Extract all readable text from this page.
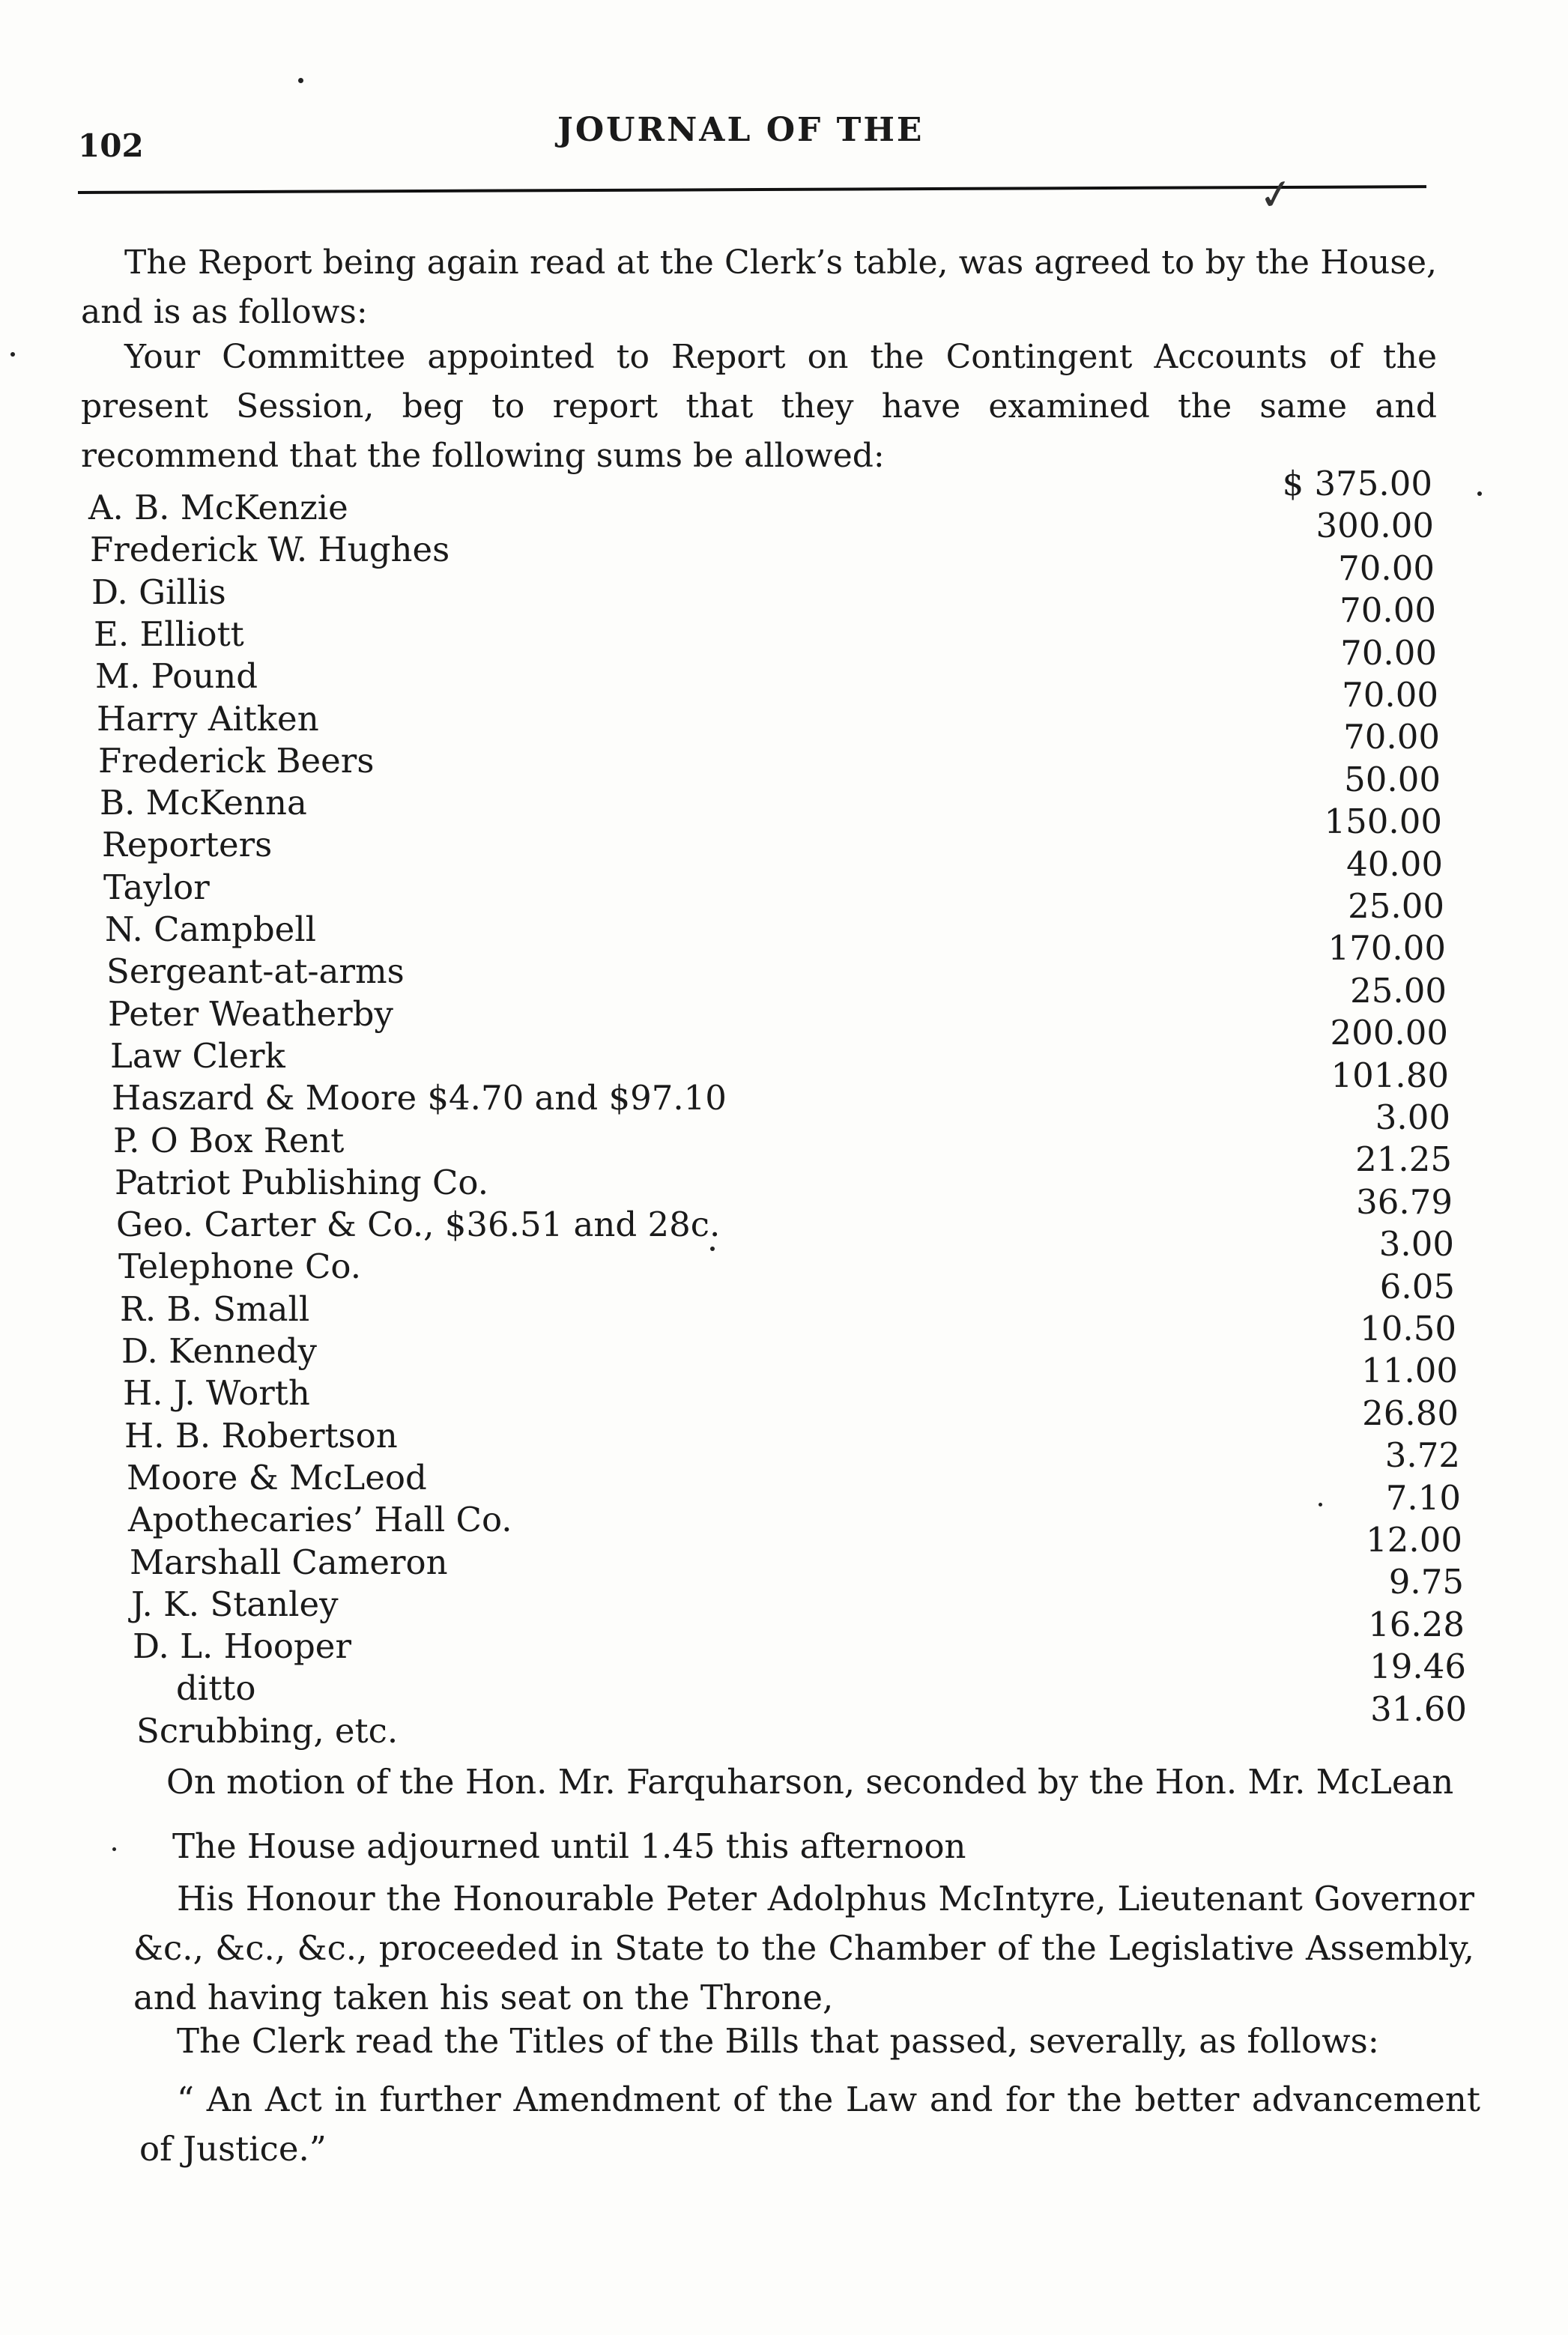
102	JOURNAL OF THE
✓

The Report being again read at the Clerk’s table, was agreed to by the House, and is as follows:

Your Committee appointed to Report on the Contingent Accounts of the present Session, beg to report that they have examined the same and recommend that the following sums be allowed:

A. B. McKenzie
$ 375.00
Frederick W. Hughes
300.00
D. Gillis
70.00
E. Elliott
70.00
M. Pound
70.00
Harry Aitken
70.00
Frederick Beers
70.00
B. McKenna
50.00
Reporters
150.00
Taylor
40.00
N. Campbell
25.00
Sergeant-at-arms
170.00
Peter Weatherby
25.00
Law Clerk
200.00
Haszard & Moore $4.70 and $97.10
101.80
P. O Box Rent
3.00
Patriot Publishing Co.
21.25
Geo. Carter & Co., $36.51 and 28c.
36.79
Telephone Co.
3.00
R. B. Small
6.05
D. Kennedy
10.50
H. J. Worth
11.00
H. B. Robertson
26.80
Moore & McLeod
3.72
Apothecaries’ Hall Co.
7.10
Marshall Cameron
12.00
J. K. Stanley
9.75
D. L. Hooper
16.28
ditto
19.46
Scrubbing, etc.
31.60

On motion of the Hon. Mr. Farquharson, seconded by the Hon. Mr. McLean

The House adjourned until 1.45 this afternoon

His Honour the Honourable Peter Adolphus McIntyre, Lieutenant Governor &c., &c., &c., proceeded in State to the Chamber of the Legislative Assembly, and having taken his seat on the Throne,

The Clerk read the Titles of the Bills that passed, severally, as follows:

“ An Act in further Amendment of the Law and for the better advancement of Justice.”
